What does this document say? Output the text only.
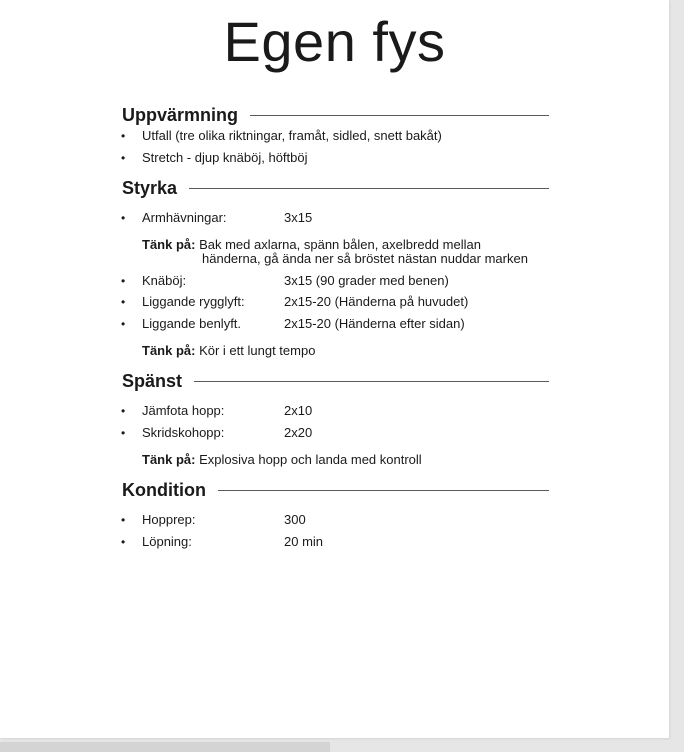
Egen fys
Uppvärmning
• Utfall (tre olika riktningar, framåt, sidled, snett bakåt)
• Stretch - djup knäböj, höftböj
Styrka
• Armhävningar:	3x15
Tänk på: Bak med axlarna, spänn bålen, axelbredd mellan
händerna, gå ända ner så bröstet nästan nuddar marken
• Knäböj:	3x15 (90 grader med benen)
• Liggande rygglyft:	2x15-20 (Händerna på huvudet)
• Liggande benlyft.	2x15-20 (Händerna efter sidan)
Tänk på: Kör i ett lungt tempo
Spänst
• Jämfota hopp:	2x10
• Skridskohopp:	2x20
Tänk på: Explosiva hopp och landa med kontroll
Kondition
• Hopprep:	300
• Löpning:	20 min
